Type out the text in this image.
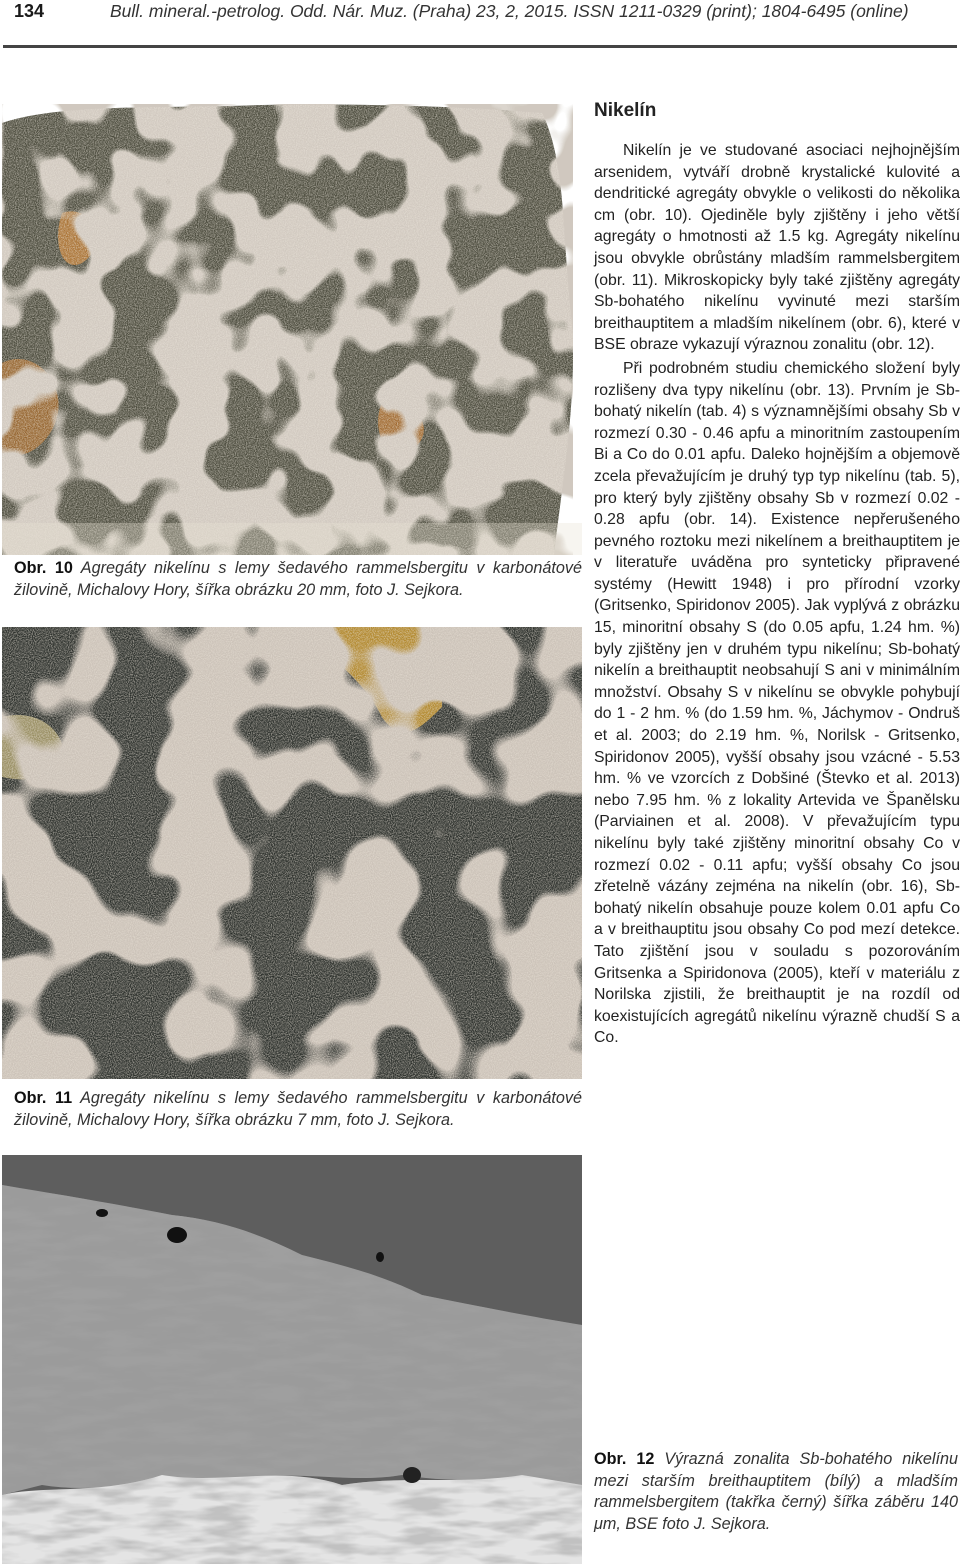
134	Bull. mineral.-petrolog. Odd. Nár. Muz. (Praha) 23, 2, 2015. ISSN 1211-0329 (print); 1804-6495 (online)
Obr. 10 Agregáty nikelínu s lemy šedavého rammelsbergitu v karbonátové žilovině, Michalovy Hory, šířka obrázku 20 mm, foto J. Sejkora.
Obr. 11 Agregáty nikelínu s lemy šedavého rammelsbergitu v karbonátové žilovině, Michalovy Hory, šířka obrázku 7 mm, foto J. Sejkora.
Obr. 12 Výrazná zonalita Sb-bohatého nikelínu mezi starším breithauptitem (bílý) a mladším rammelsbergitem (takřka černý) šířka záběru 140 μm, BSE foto J. Sejkora.
Nikelín

Nikelín je ve studované asociaci nejhojnějším arsenidem, vytváří drobně krystalické kulovité a dendritické agregáty obvykle o velikosti do několika cm (obr. 10). Ojediněle byly zjištěny i jeho větší agregáty o hmotnosti až 1.5 kg. Agregáty nikelínu jsou obvykle obrůstány mladším rammelsbergitem (obr. 11). Mikroskopicky byly také zjištěny agregáty Sb-bohatého nikelínu vyvinuté mezi starším breithauptitem a mladším nikelínem (obr. 6), které v BSE obraze vykazují výraznou zonalitu (obr. 12).

Při podrobném studiu chemického složení byly rozlišeny dva typy nikelínu (obr. 13). Prvním je Sb-bohatý nikelín (tab. 4) s významnějšími obsahy Sb v rozmezí 0.30 - 0.46 apfu a minoritním zastoupením Bi a Co do 0.01 apfu. Daleko hojnějším a objemově zcela převažujícím je druhý typ typ nikelínu (tab. 5), pro který byly zjištěny obsahy Sb v rozmezí 0.02 - 0.28 apfu (obr. 14). Existence nepřerušeného pevného roztoku mezi nikelínem a breithauptitem je v literatuře uváděna pro synteticky připravené systémy (Hewitt 1948) i pro přírodní vzorky (Gritsenko, Spiridonov 2005). Jak vyplývá z obrázku 15, minoritní obsahy S (do 0.05 apfu, 1.24 hm. %) byly zjištěny jen v druhém typu nikelínu; Sb-bohatý nikelín a breithauptit neobsahují S ani v minimálním množství. Obsahy S v nikelínu se obvykle pohybují do 1 - 2 hm. % (do 1.59 hm. %, Jáchymov - Ondruš et al. 2003; do 2.19 hm. %, Norilsk - Gritsenko, Spiridonov 2005), vyšší obsahy jsou vzácné - 5.53 hm. % ve vzorcích z Dobšiné (Števko et al. 2013) nebo 7.95 hm. % z lokality Artevida ve Španělsku (Parviainen et al. 2008). V převažujícím typu nikelínu byly také zjištěny minoritní obsahy Co v rozmezí 0.02 - 0.11 apfu; vyšší obsahy Co jsou zřetelně vázány zejména na nikelín (obr. 16), Sb-bohatý nikelín obsahuje pouze kolem 0.01 apfu Co a v breithauptitu jsou obsahy Co pod mezí detekce. Tato zjištění jsou v souladu s pozorováním Gritsenka a Spiridonova (2005), kteří v materiálu z Norilska zjistili, že breithauptit je na rozdíl od koexistujících agregátů nikelínu výrazně chudší S a Co.
